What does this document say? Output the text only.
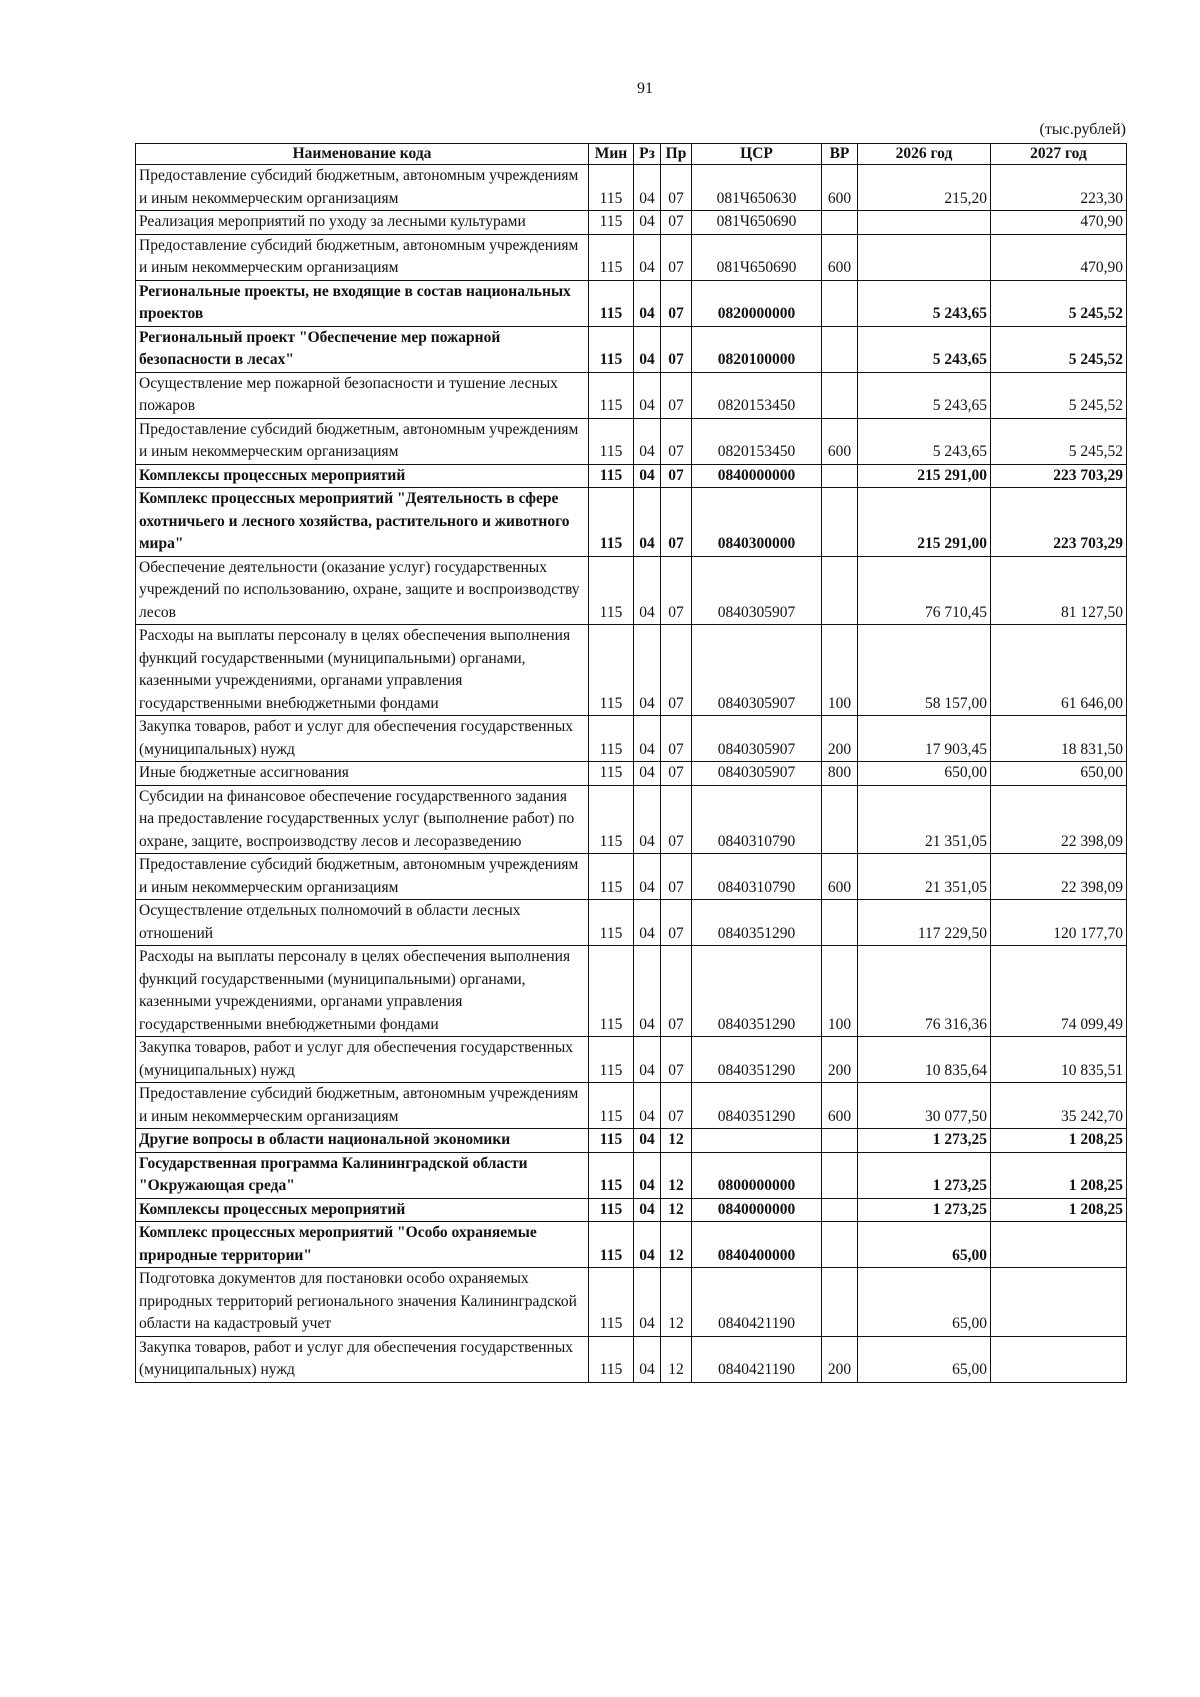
91
(тыс.рублей)
Наименование кода	Мин	Рз	Пр	ЦСР	ВР	2026 год	2027 год
Предоставление субсидий бюджетным, автономным учреждениям и иным некоммерческим организациям	115	04	07	081Ч650630	600	215,20	223,30
Реализация мероприятий по уходу за лесными культурами	115	04	07	081Ч650690			470,90
Предоставление субсидий бюджетным, автономным учреждениям и иным некоммерческим организациям	115	04	07	081Ч650690	600		470,90
Региональные проекты, не входящие в состав национальных проектов	115	04	07	0820000000		5 243,65	5 245,52
Региональный проект "Обеспечение мер пожарной безопасности в лесах"	115	04	07	0820100000		5 243,65	5 245,52
Осуществление мер пожарной безопасности и тушение лесных пожаров	115	04	07	0820153450		5 243,65	5 245,52
Предоставление субсидий бюджетным, автономным учреждениям и иным некоммерческим организациям	115	04	07	0820153450	600	5 243,65	5 245,52
Комплексы процессных мероприятий	115	04	07	0840000000		215 291,00	223 703,29
Комплекс процессных мероприятий "Деятельность в сфере охотничьего и лесного хозяйства, растительного и животного мира"	115	04	07	0840300000		215 291,00	223 703,29
Обеспечение деятельности (оказание услуг) государственных учреждений по использованию, охране, защите и воспроизводству лесов	115	04	07	0840305907		76 710,45	81 127,50
Расходы на выплаты персоналу в целях обеспечения выполнения функций государственными (муниципальными) органами, казенными учреждениями, органами управления государственными внебюджетными фондами	115	04	07	0840305907	100	58 157,00	61 646,00
Закупка товаров, работ и услуг для обеспечения государственных (муниципальных) нужд	115	04	07	0840305907	200	17 903,45	18 831,50
Иные бюджетные ассигнования	115	04	07	0840305907	800	650,00	650,00
Субсидии на финансовое обеспечение государственного задания на предоставление государственных услуг (выполнение работ) по охране, защите, воспроизводству лесов и лесоразведению	115	04	07	0840310790		21 351,05	22 398,09
Предоставление субсидий бюджетным, автономным учреждениям и иным некоммерческим организациям	115	04	07	0840310790	600	21 351,05	22 398,09
Осуществление отдельных полномочий в области лесных отношений	115	04	07	0840351290		117 229,50	120 177,70
Расходы на выплаты персоналу в целях обеспечения выполнения функций государственными (муниципальными) органами, казенными учреждениями, органами управления государственными внебюджетными фондами	115	04	07	0840351290	100	76 316,36	74 099,49
Закупка товаров, работ и услуг для обеспечения государственных (муниципальных) нужд	115	04	07	0840351290	200	10 835,64	10 835,51
Предоставление субсидий бюджетным, автономным учреждениям и иным некоммерческим организациям	115	04	07	0840351290	600	30 077,50	35 242,70
Другие вопросы в области национальной экономики	115	04	12			1 273,25	1 208,25
Государственная программа Калининградской области "Окружающая среда"	115	04	12	0800000000		1 273,25	1 208,25
Комплексы процессных мероприятий	115	04	12	0840000000		1 273,25	1 208,25
Комплекс процессных мероприятий "Особо охраняемые природные территории"	115	04	12	0840400000		65,00	
Подготовка документов для постановки особо охраняемых природных территорий регионального значения Калининградской области на кадастровый учет	115	04	12	0840421190		65,00	
Закупка товаров, работ и услуг для обеспечения государственных (муниципальных) нужд	115	04	12	0840421190	200	65,00	
